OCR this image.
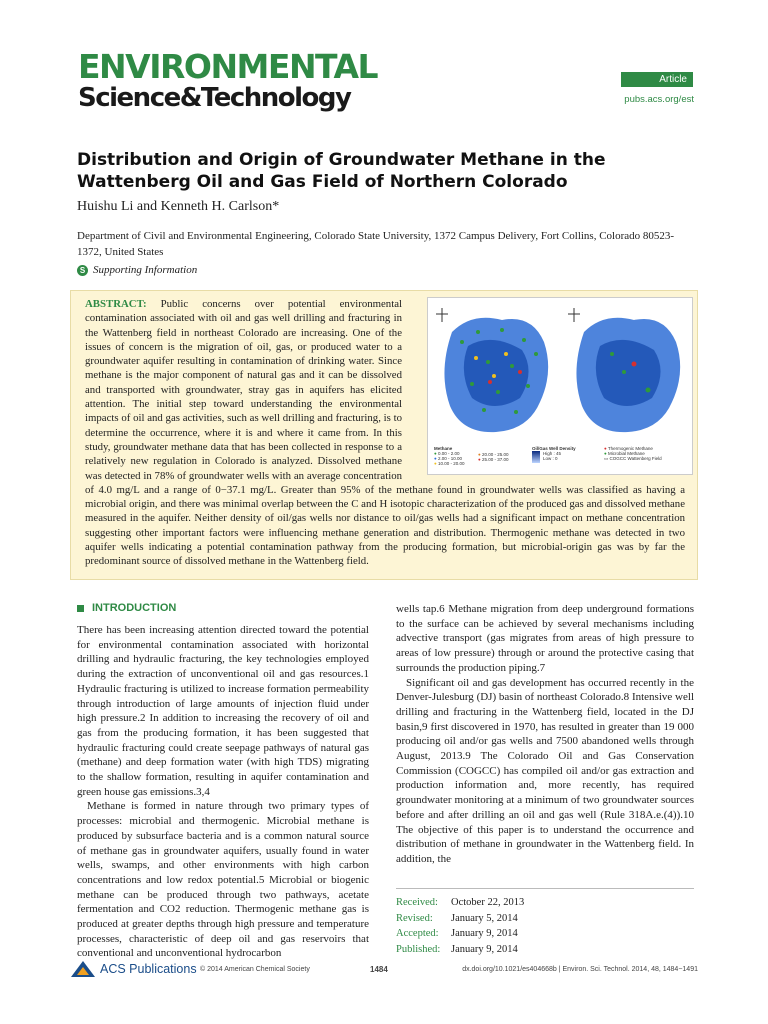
ENVIRONMENTAL
Science&Technology
Article
pubs.acs.org/est
Distribution and Origin of Groundwater Methane in the Wattenberg Oil and Gas Field of Northern Colorado
Huishu Li and Kenneth H. Carlson*
Department of Civil and Environmental Engineering, Colorado State University, 1372 Campus Delivery, Fort Collins, Colorado 80523-1372, United States
S Supporting Information
Methane
● 0.00 - 2.00
● 2.00 - 10.00
● 10.00 - 20.00
● 20.00 - 25.00
● 25.00 - 37.00
Oil/Gas Well Density
High : 45
Low : 0
● Thermogenic Methane
● Microbial Methane
▭ COGCC Wattenberg Field
ABSTRACT: Public concerns over potential environmental contamination associated with oil and gas well drilling and fracturing in the Wattenberg field in northeast Colorado are increasing. One of the issues of concern is the migration of oil, gas, or produced water to a groundwater aquifer resulting in contamination of drinking water. Since methane is the major component of natural gas and it can be dissolved and transported with groundwater, stray gas in aquifers has elicited attention. The initial step toward understanding the environmental impacts of oil and gas activities, such as well drilling and fracturing, is to determine the occurrence, where it is and where it came from. In this study, groundwater methane data that has been collected in response to a relatively new regulation in Colorado is analyzed. Dissolved methane was detected in 78% of groundwater wells with an average concentration of 4.0 mg/L and a range of 0−37.1 mg/L. Greater than 95% of the methane found in groundwater wells was classified as having a microbial origin, and there was minimal overlap between the C and H isotopic characterization of the produced gas and dissolved methane measured in the aquifer. Neither density of oil/gas wells nor distance to oil/gas wells had a significant impact on methane concentration suggesting other important factors were influencing methane generation and distribution. Thermogenic methane was detected in two aquifer wells indicating a potential contamination pathway from the producing formation, but microbial-origin gas was by far the predominant source of dissolved methane in the Wattenberg field.
INTRODUCTION

There has been increasing attention directed toward the potential for environmental contamination associated with horizontal drilling and hydraulic fracturing, the key technologies employed during the extraction of unconventional oil and gas resources.1 Hydraulic fracturing is utilized to increase formation permeability through introduction of large amounts of injection fluid under high pressure.2 In addition to increasing the recovery of oil and gas from the producing formation, it has been suggested that hydraulic fracturing could create seepage pathways of natural gas (methane) and deep formation water (with high TDS) migrating to the shallow formation, resulting in aquifer contamination and green house gas emissions.3,4

Methane is formed in nature through two primary types of processes: microbial and thermogenic. Microbial methane is produced by subsurface bacteria and is a common natural source of methane gas in groundwater aquifers, usually found in water wells, swamps, and other environments with high carbon concentrations and low redox potential.5 Microbial or biogenic methane can be produced through two pathways, acetate fermentation and CO2 reduction. Thermogenic methane gas is produced at greater depths through high pressure and temperature processes, characteristic of deep oil and gas reservoirs that conventional and unconventional hydrocarbon

wells tap.6 Methane migration from deep underground formations to the surface can be achieved by several mechanisms including advective transport (gas migrates from areas of high pressure to areas of low pressure) through or around the protective casing that surrounds the production piping.7

Significant oil and gas development has occurred recently in the Denver-Julesburg (DJ) basin of northeast Colorado.8 Intensive well drilling and fracturing in the Wattenberg field, located in the DJ basin,9 first discovered in 1970, has resulted in greater than 19 000 producing oil and/or gas wells and 7500 abandoned wells through August, 2013.9 The Colorado Oil and Gas Conservation Commission (COGCC) has compiled oil and/or gas extraction and production information and, more recently, has required groundwater monitoring at a minimum of two groundwater sources before and after drilling an oil and gas well (Rule 318A.e.(4)).10 The objective of this paper is to understand the occurrence and distribution of methane in groundwater in the Wattenberg field. In addition, the

Received:	October 22, 2013
Revised:	January 5, 2014
Accepted:	January 9, 2014
Published:	January 9, 2014
ACS Publications © 2014 American Chemical Society	1484	dx.doi.org/10.1021/es404668b | Environ. Sci. Technol. 2014, 48, 1484−1491
